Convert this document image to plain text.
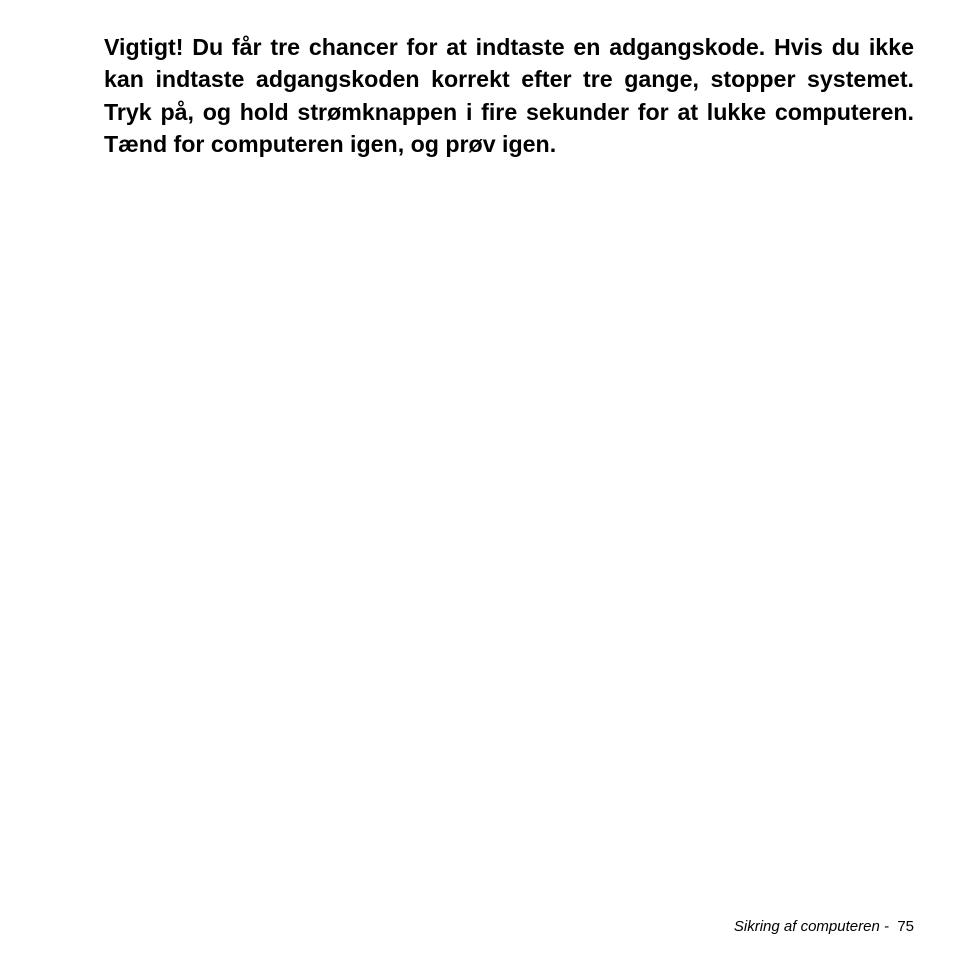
Vigtigt! Du får tre chancer for at indtaste en adgangskode. Hvis du ikke kan indtaste adgangskoden korrekt efter tre gange, stopper systemet. Tryk på, og hold strømknappen i fire sekunder for at lukke computeren. Tænd for computeren igen, og prøv igen.

Sikring af computeren -  75
